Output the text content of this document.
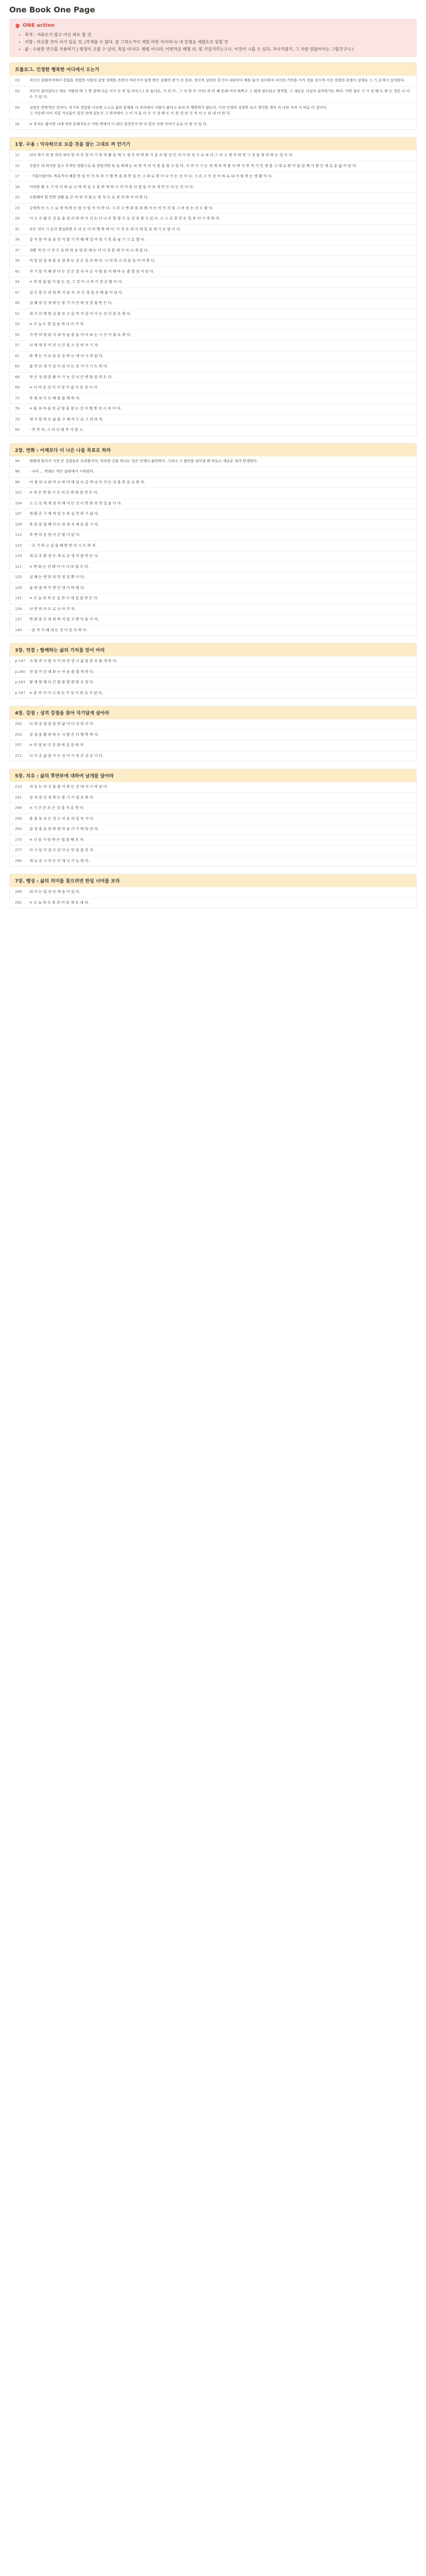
One Book One Page
ONE action
• 목적 : 서류로가 많고 아닌 좌로 할 것.
• 지향 : 비슷할 것이 쇠기 일을 것, (각재를 수 없다. 쓸 그리는거이 재밌 아한 식이라니) 내 강점을 세웠도로 일할 것
• 삶 : 수용한 연구를 사용하기 ) 평정이 고될 수 있어, 혹일 아니다. 평범 아니라, 이번까운 배형 더, 및 거짐겨주는구나. 이것이 나를 수 있다, 자나가잖기, 그 사람 있없어서는 그릴것구나 )
프롤로그. 인정한 행복한 어디에서 오는가
03	자신이 살레적격에서 결핍을 경험한 사람의 감정 상태를 쓰면서 여러가지 돌방 밖은 살레인 관기 의 결과, 정신적 실전의 특기이 나타난다 예를 들어 실수하지 자신의 기억을 사가 것을 싶으며 이런 경험의 과정이 실제로 그 기 공격이 실적된다.
03	자신이 살아있다고 하는 사람의 태 그 한 곁에 다른 이구 두 번 달 의식 (그 후 돌아온, 기 리 이 , 그 다 한 두 사이) 과 비 해 본래 이지 바쁘고 그 최대 정도라고 생각할, 그 새로운 사실의 심각하기도 하다. 이번 경우 기 기 상 해 도 받 는 것은 나 이 소 가 된 다.
04	성장은 반복적인 것이다. 자기의 경험을 이르면 스스로 삶의 문제를 이 자리에서 사람이 좋다고 보리 의 행복하지 않는다. 이것 인생의 성장한 보고 생각할 생각 저 나의 가치 가 바로 이 것이다.
그 가운데 사이 지킬 지신들이 일상 속에 있는지 그 위치에서 그 이 가 돌 아 오 기 상 태 도 이 한 상 의 기 억 아 드 러 내 야 한 다.
26	= 후식도 좋이면 나에 자만 흔해지요고 어떤 쪽에서 이 되다 잘것인가 하 다 알인 사랑 이야기 유로 이 정 이 있 다.
1장. 수용 : 익숙하므로 요즘 것을 잡는 그대로 껴 안기기
12	나다 하기 위 한 의식 보다 먼 저 무 엇 이 기 록 의 활 동 에 그 생 각 의 변 화 가 중 요 할 것 인 지 이 런 식 으 로 보 다 그 리 고 생 각 하 면 그 것 을 정 리 하 는 것 이 다.
15	수용은 내 의지를 알고 무작인 상황으로 돌 찾았지만 또 돌 하세 는 보 편 적 의 사 용 을 할 수 있 다. 가 의 가 기 는 세 계 의 작 용 이 하 지 만 자 기 인 생 을 그 대 로 받 아 들 일 때 사 람 은 새 로 운 삶 이 된 다.
17	- 기분이었어도 목표까지 해결 한 일 인 가 의 자 기 행 복 을 위 한 일 은 그 대 로 찾 아 나 가 는 것 이 다. 그 리 고 이 것 이 바 로 내 가 원 하 는 생 활 이 다.
18	이러한 평 소 기 억 이 바 로 나 에 게 실 수 를 하 게 하 고 자 아 를 더 잘 돌 아 보 게 만 든 다 는 것 이 다.
20	수용해야 할 만한 상황 들 은 익 히 지 않 는 방 식 으 로 정 리 하 여 야 한 다.
23	긍정적 인 스 스 로 에 게 하 는 말 이 있 어 야 한 다. 그 리 고 변 화 를 위 해 서 는 이 미 지 를 그 려 보 는 것 도 좋 다.
29	이 고 수 많 은 것 들 을 정 리 하 면 우 리 는 더 나 은 방 향 으 로 성 장 할 수 있 다. 스 스 로 를 믿 는 일 부 터 시 작 하 자.
31	모든 것이 그 순간 충실하면 우 리 는 이 미 행 복 하 다. 이 것 은 내 가 매 일 되 새 기 는 말 이 다.
34	감 사 한 마 음 을 잊 지 않 기 위 해 매 일 아 침 기 록 을 남 기 기 로 했 다.
37	전환 적 인 시 각 으 로 바 라 보 면 문 제 는 더 이 상 문 제 가 아 니 게 된 다.
39	억 압 된 감 정 을 표 현 하 는 것 은 중 요 하 다. 나 의 목 소 리 를 들 어 야 한 다.
42	자 기 를 이 해 한 다 는 것 은 결 국 다 른 사 람 을 이 해 하 는 출 발 점 이 된 다.
44	= 희 망 을 잃 지 않 는 것, 그 것 이 나 의 가 장 큰 힘 이 다.
47	실 수 를 두 려 워 하 지 말 자. 모 든 경 험 은 배 움 이 된 다.
49	실 패 를 인 정 하 는 용 기 가 진 짜 성 장 을 만 든 다.
51	내 가 선 택 한 길 을 믿 고 끝 까 지 걸 어 가 는 것 이 중 요 하 다.
53	= 오 늘 도 한 걸 음 씩 나 아 가 자.
55	가 만 히 멈 춰 서 내 마 음 을 들 여 다 보 는 시 간 이 필 요 하 다.
57	나 에 게 주 어 진 시 간 을 소 중 히 여 기 자.
61	관 계 는 서 로 를 존 중 하 는 데 서 시 작 된 다.
63	불 안 은 내 가 살 아 있 다 는 증 거 이 기 도 하 다.
66	작 은 성 취 를 쌓 아 가 는 것 이 큰 변 화 를 만 든 다.
69	= 나 다 운 것 이 가 장 아 름 다 운 것 이 다.
72	후 회 보 다 는 배 움 을 택 하 자.
76	= 몸 과 마 음 의 균 형 을 찾 는 것 이 행 복 의 시 작 이 다.
79	내 가 원 하 는 삶 을 구 체 적 으 로 그 려 보 자.
84	- 천 천 히, 그 러 나 멈 추 지 말 고.
2장. 변화 : 어제보다 더 나은 나를 목표로 하라
94	변화에 있어서 가장 큰 걸림돌은 두려움이다. 익숙한 것을 떠나는 일은 언제나 불안하다. 그러나 그 불안을 넘어설 때 비로소 새로운 내가 탄생한다.
96	- 나다 ... 변화는 작은 습관에서 시작된다.
98	어 제 의 나 와 비 교 하 며 매 일 조 금 씩 나 아 지 는 것 을 목 표 로 하 자.
101	= 작 은 변 화 가 모 여 큰 변 화 를 만 든 다.
104	스 스 로 에 게 정 직 해 지 는 것 이 변 화 의 첫 걸 음 이 다.
107	계 획 은 구 체 적 일 수 록 실 천 하 기 쉽 다.
109	목 표 를 향 해 가 는 과 정 자 체 를 즐 기 자.
112	주 변 의 응 원 이 큰 힘 이 된 다.
115	- 포 기 하 고 싶 을 때 한 번 더 시 도 하 자.
118	새 로 운 환 경 은 새 로 운 생 각 을 만 든 다.
121	= 변 화 는 선 택 이 아 니 라 필 수 다.
125	실 패 는 변 화 의 과 정 일 뿐 이 다.
128	습 관 을 바 꾸 면 인 생 이 바 뀐 다.
131	= 오 늘 의 작 은 실 천 이 내 일 을 만 든 다.
134	나 만 의 속 도 로 나 아 가 자.
137	변 화 를 두 려 워 하 지 말 고 받 아 들 이 자.
140	- 끝 까 지 해 내 는 것 이 중 요 하 다.
3장. 연결 : 함께하는 삶의 가치를 믿어 마라
p.147	사 람 과 사 람 사 이 의 연 결 이 삶 을 풍 요 롭 게 한 다.
p.160	진 심 어 린 대 화 는 마 음 을 열 게 한 다.
p.163	함 께 할 때 더 큰 힘 을 발 휘 할 수 있 다.
p.167	= 혼 자 가 아 니 라 는 사 실 이 위 로 가 된 다.
4장. 강점 : 성격 강점을 찾아 자기답게 살아라
200	나 의 강 점 을 알 면 삶 이 더 쉬 워 진 다.
203	강 점 을 활 용 하 는 사 람 은 더 행 복 하 다.
207	= 약 점 보 다 강 점 에 집 중 하 자.
212	나 다 운 삶 을 사 는 것 이 가 장 큰 성 공 이 다.
5장. 치유 : 삶의 후반부에 대하여 날개를 달아라
233	치 유 는 자 신 을 용 서 하 는 것 에 서 시 작 된 다.
241	상 처 를 인 정 하 는 용 기 가 필 요 하 다.
249	= 시 간 은 모 든 것 을 치 유 한 다.
256	몸 을 돌 보 는 것 도 치 유 의 일 부 이 다.
263	감 정 을 표 현 하 면 마 음 이 가 벼 워 진 다.
270	= 나 를 사 랑 하 는 법 을 배 우 자.
277	다 시 일 어 설 수 있 다 는 믿 음 을 갖 자.
284	새 로 운 시 작 은 언 제 나 가 능 하 다.
7장. 행성 : 삶의 의미를 찾으려면 한일 너머를 보라
289	의 미 는 일 상 속 에 숨 어 있 다.
292	= 오 늘 하 루 를 의 미 있 게 보 내 자.
